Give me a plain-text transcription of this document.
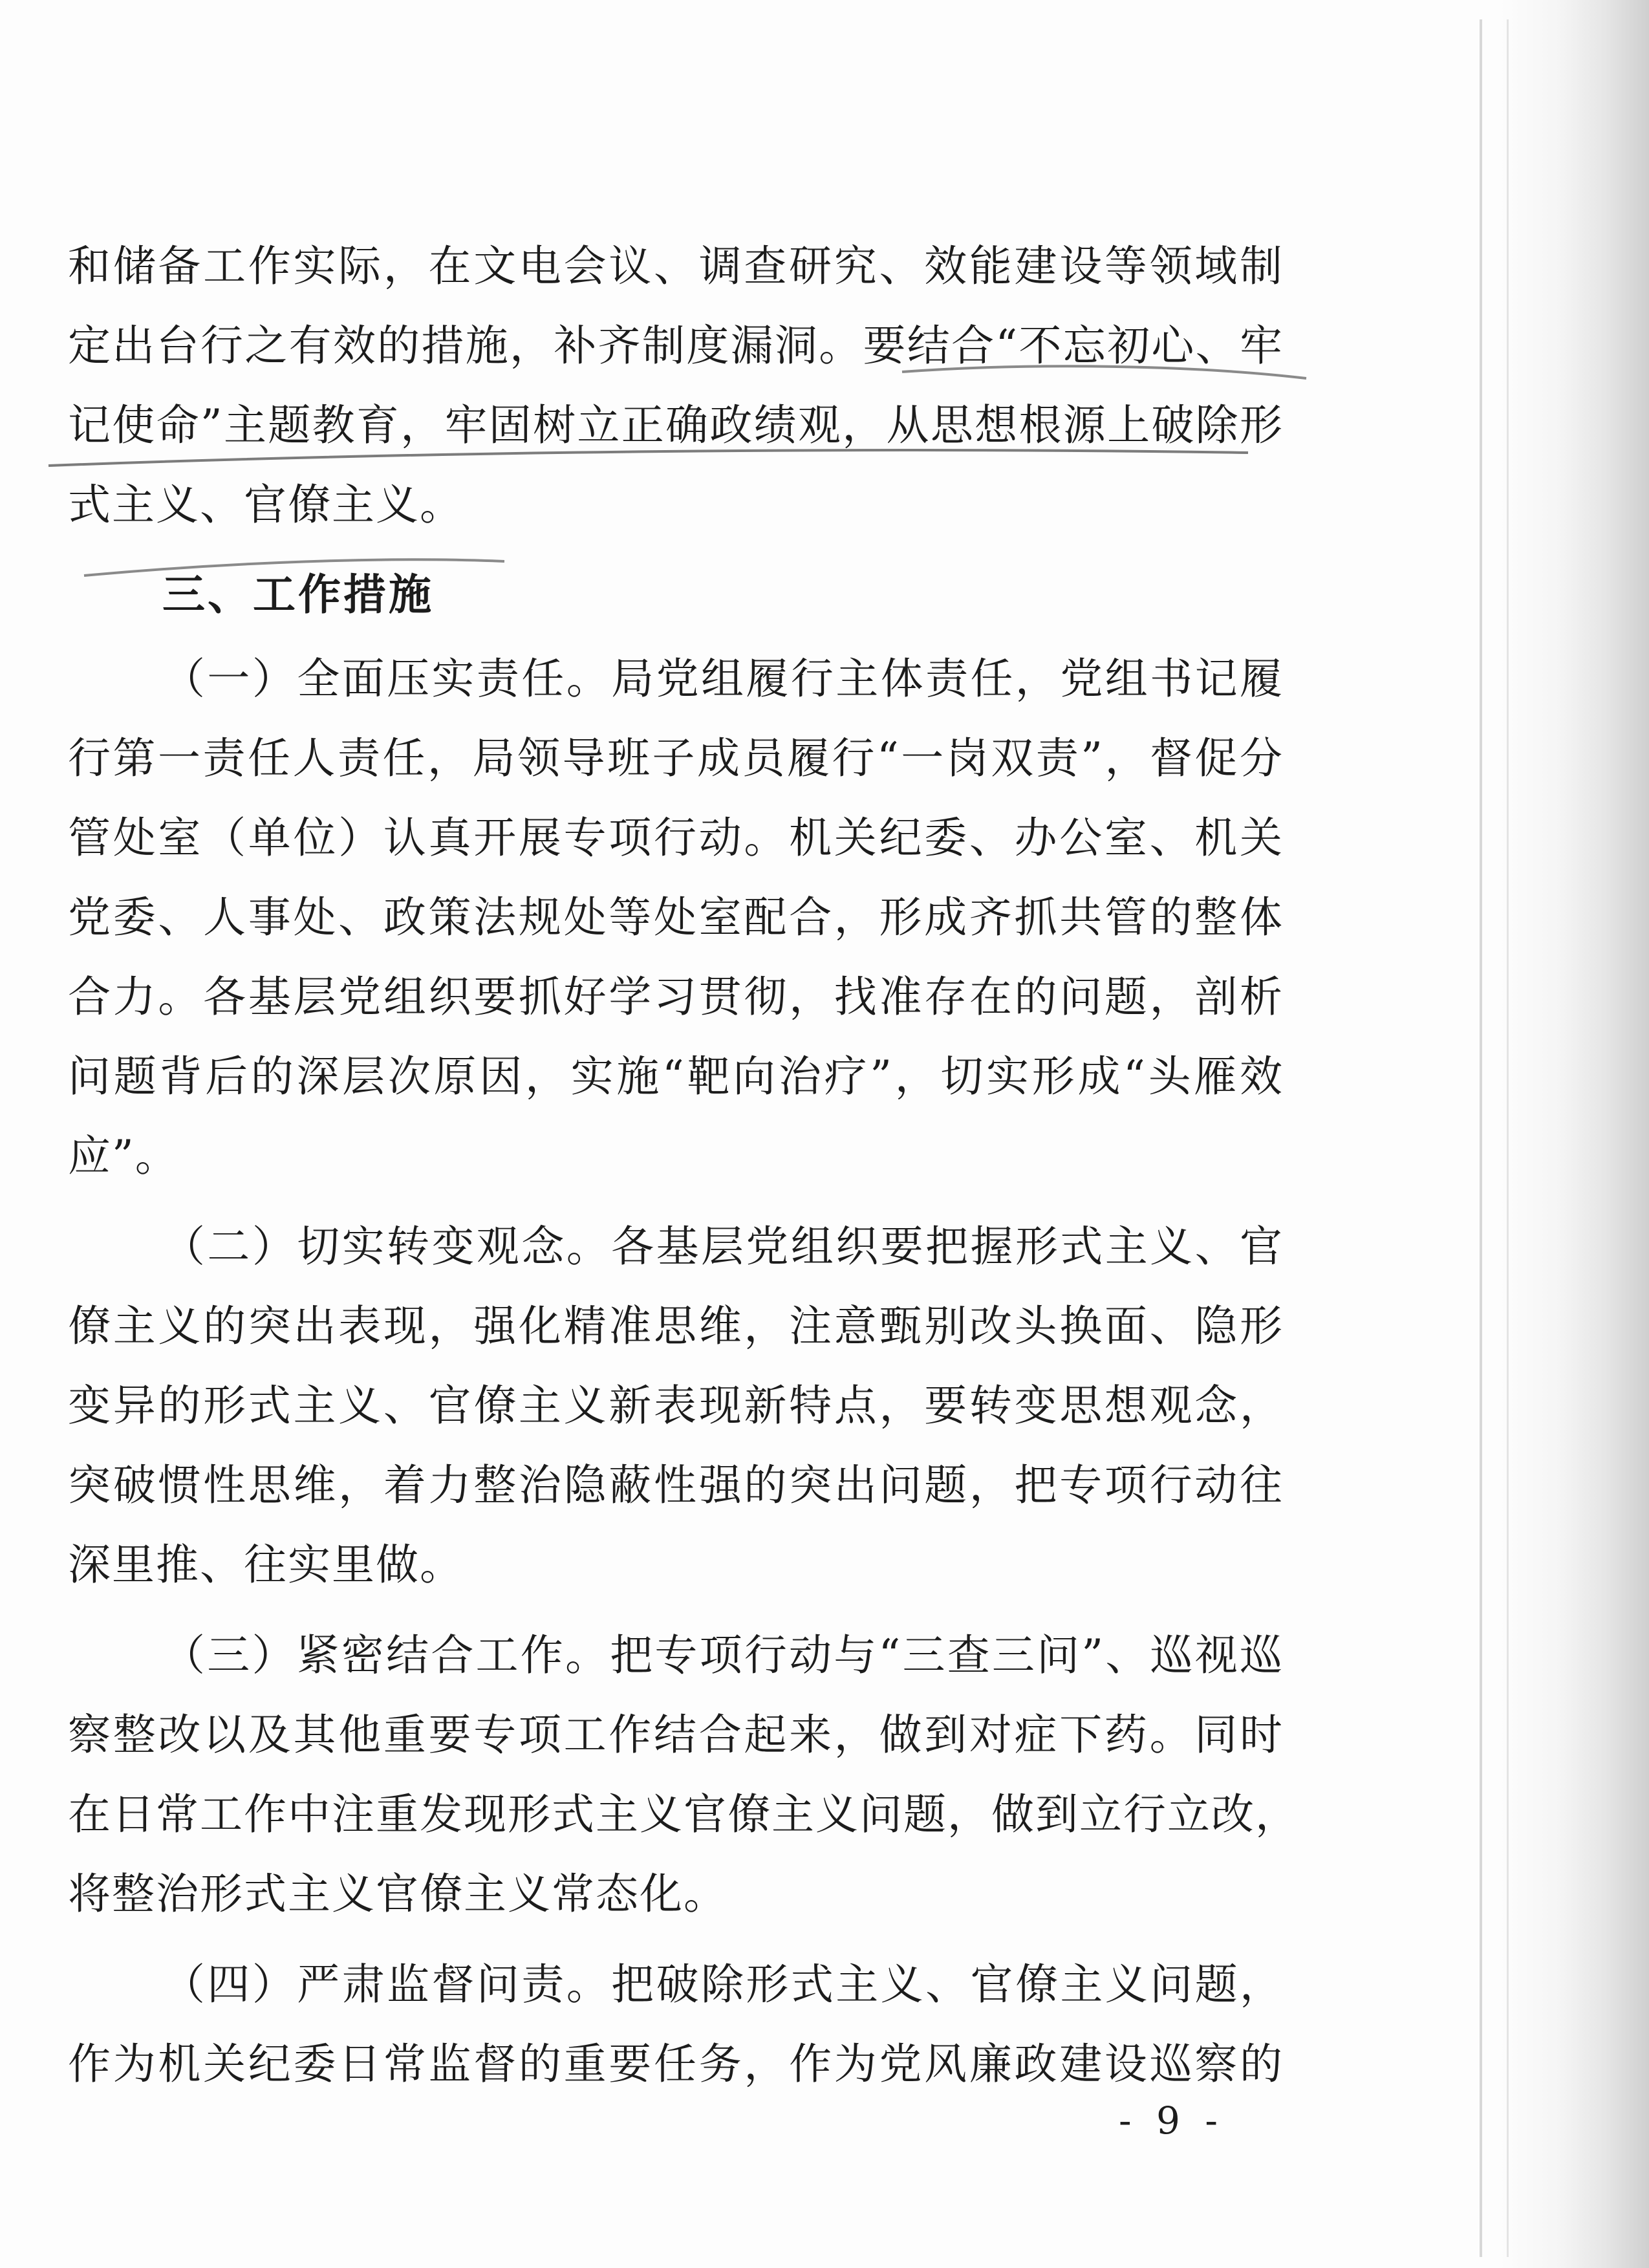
和储备工作实际，在文电会议、调查研究、效能建设等领域制
定出台行之有效的措施，补齐制度漏洞。要结合“不忘初心、牢
记使命”主题教育，牢固树立正确政绩观，从思想根源上破除形
式主义、官僚主义。
三、工作措施
（一）全面压实责任。局党组履行主体责任，党组书记履
行第一责任人责任，局领导班子成员履行“一岗双责”，督促分
管处室（单位）认真开展专项行动。机关纪委、办公室、机关
党委、人事处、政策法规处等处室配合，形成齐抓共管的整体
合力。各基层党组织要抓好学习贯彻，找准存在的问题，剖析
问题背后的深层次原因，实施“靶向治疗”，切实形成“头雁效
应”。
（二）切实转变观念。各基层党组织要把握形式主义、官
僚主义的突出表现，强化精准思维，注意甄别改头换面、隐形
变异的形式主义、官僚主义新表现新特点，要转变思想观念，
突破惯性思维，着力整治隐蔽性强的突出问题，把专项行动往
深里推、往实里做。
（三）紧密结合工作。把专项行动与“三查三问”、巡视巡
察整改以及其他重要专项工作结合起来，做到对症下药。同时
在日常工作中注重发现形式主义官僚主义问题，做到立行立改，
将整治形式主义官僚主义常态化。
（四）严肃监督问责。把破除形式主义、官僚主义问题，
作为机关纪委日常监督的重要任务，作为党风廉政建设巡察的
- 9 -
